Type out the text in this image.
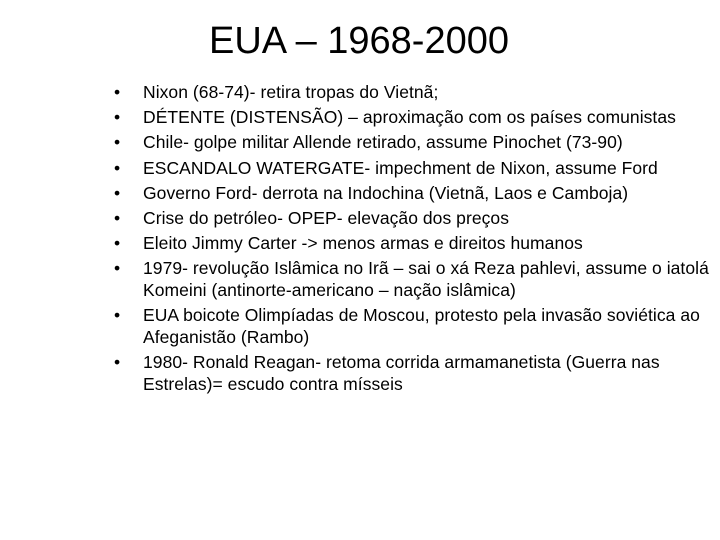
EUA – 1968-2000
•	Nixon (68-74)- retira tropas do Vietnã;
•	DÉTENTE (DISTENSÃO) – aproximação com os países comunistas
•	Chile- golpe militar Allende retirado, assume Pinochet (73-90)
•	ESCANDALO WATERGATE- impechment de Nixon, assume Ford
•	Governo Ford- derrota na Indochina (Vietnã, Laos e Camboja)
•	Crise do petróleo- OPEP- elevação dos preços
•	Eleito Jimmy Carter -> menos armas e direitos humanos
•	1979- revolução Islâmica no Irã – sai o xá Reza pahlevi, assume o iatolá Komeini (antinorte-americano – nação islâmica)
•	EUA boicote Olimpíadas de Moscou, protesto pela invasão soviética ao Afeganistão (Rambo)
•	1980- Ronald Reagan- retoma corrida armamanetista (Guerra nas Estrelas)= escudo contra mísseis
